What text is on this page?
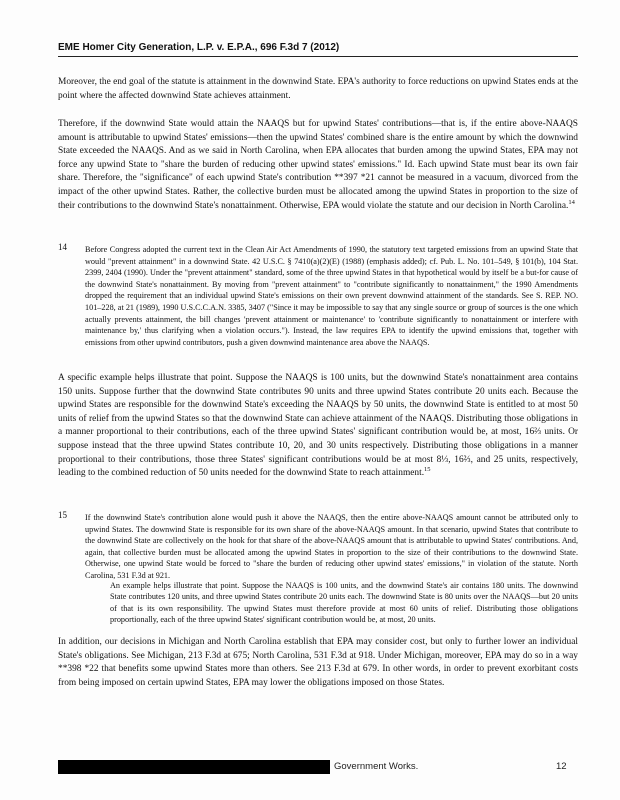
EME Homer City Generation, L.P. v. E.P.A., 696 F.3d 7 (2012)

Moreover, the end goal of the statute is attainment in the downwind State. EPA's authority to force reductions on upwind States ends at the point where the affected downwind State achieves attainment.

Therefore, if the downwind State would attain the NAAQS but for upwind States' contributions—that is, if the entire above-NAAQS amount is attributable to upwind States' emissions—then the upwind States' combined share is the entire amount by which the downwind State exceeded the NAAQS. And as we said in North Carolina, when EPA allocates that burden among the upwind States, EPA may not force any upwind State to "share the burden of reducing other upwind states' emissions." Id. Each upwind State must bear its own fair share. Therefore, the "significance" of each upwind State's contribution **397 *21 cannot be measured in a vacuum, divorced from the impact of the other upwind States. Rather, the collective burden must be allocated among the upwind States in proportion to the size of their contributions to the downwind State's nonattainment. Otherwise, EPA would violate the statute and our decision in North Carolina.$^{14}$

14 Before Congress adopted the current text in the Clean Air Act Amendments of 1990, the statutory text targeted emissions from an upwind State that would "prevent attainment" in a downwind State. 42 U.S.C. § 7410(a)(2)(E) (1988) (emphasis added); cf. Pub. L. No. 101–549, § 101(b), 104 Stat. 2399, 2404 (1990). Under the "prevent attainment" standard, some of the three upwind States in that hypothetical would by itself be a but-for cause of the downwind State's nonattainment. By moving from "prevent attainment" to "contribute significantly to nonattainment," the 1990 Amendments dropped the requirement that an individual upwind State's emissions on their own prevent downwind attainment of the standards. See S. REP. NO. 101–228, at 21 (1989), 1990 U.S.C.C.A.N. 3385, 3407 ("Since it may be impossible to say that any single source or group of sources is the one which actually prevents attainment, the bill changes 'prevent attainment or maintenance' to 'contribute significantly to nonattainment or interfere with maintenance by,' thus clarifying when a violation occurs."). Instead, the law requires EPA to identify the upwind emissions that, together with emissions from other upwind contributors, push a given downwind maintenance area above the NAAQS.

A specific example helps illustrate that point. Suppose the NAAQS is 100 units, but the downwind State's nonattainment area contains 150 units. Suppose further that the downwind State contributes 90 units and three upwind States contribute 20 units each. Because the upwind States are responsible for the downwind State's exceeding the NAAQS by 50 units, the downwind State is entitled to at most 50 units of relief from the upwind States so that the downwind State can achieve attainment of the NAAQS. Distributing those obligations in a manner proportional to their contributions, each of the three upwind States' significant contribution would be, at most, 16⅔ units. Or suppose instead that the three upwind States contribute 10, 20, and 30 units respectively. Distributing those obligations in a manner proportional to their contributions, those three States' significant contributions would be at most 8⅓, 16⅔, and 25 units, respectively, leading to the combined reduction of 50 units needed for the downwind State to reach attainment.$^{15}$

15 If the downwind State's contribution alone would push it above the NAAQS, then the entire above-NAAQS amount cannot be attributed only to upwind States. The downwind State is responsible for its own share of the above-NAAQS amount. In that scenario, upwind States that contribute to the downwind State are collectively on the hook for that share of the above-NAAQS amount that is attributable to upwind States' contributions. And, again, that collective burden must be allocated among the upwind States in proportion to the size of their contributions to the downwind State. Otherwise, one upwind State would be forced to "share the burden of reducing other upwind states' emissions," in violation of the statute. North Carolina, 531 F.3d at 921.

An example helps illustrate that point. Suppose the NAAQS is 100 units, and the downwind State's air contains 180 units. The downwind State contributes 120 units, and three upwind States contribute 20 units each. The downwind State is 80 units over the NAAQS—but 20 units of that is its own responsibility. The upwind States must therefore provide at most 60 units of relief. Distributing those obligations proportionally, each of the three upwind States' significant contribution would be, at most, 20 units.

In addition, our decisions in Michigan and North Carolina establish that EPA may consider cost, but only to further lower an individual State's obligations. See Michigan, 213 F.3d at 675; North Carolina, 531 F.3d at 918. Under Michigan, moreover, EPA may do so in a way **398 *22 that benefits some upwind States more than others. See 213 F.3d at 679. In other words, in order to prevent exorbitant costs from being imposed on certain upwind States, EPA may lower the obligations imposed on those States.

Government Works.	12
